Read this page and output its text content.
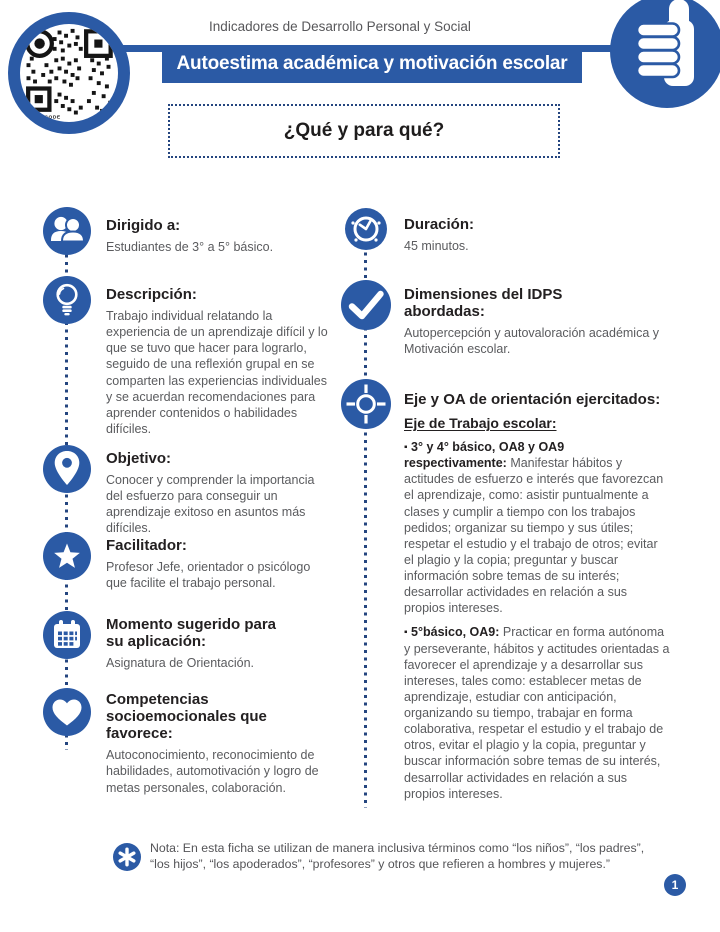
Indicadores de Desarrollo Personal y Social
Autoestima académica y motivación escolar
FLOWCODE
¿Qué y para qué?
Dirigido a:
Estudiantes de 3° a 5° básico.
Descripción:
Trabajo individual relatando la experiencia de un aprendizaje difícil y lo que se tuvo que hacer para lograrlo, seguido de una reflexión grupal en se comparten las experiencias individuales y se acuerdan recomendaciones para aprender contenidos o habilidades difíciles.
Objetivo:
Conocer y comprender la importancia del esfuerzo para conseguir un aprendizaje exitoso en asuntos más difíciles.
Facilitador:
Profesor Jefe, orientador o psicólogo que facilite el trabajo personal.
Momento sugerido para su aplicación:
Asignatura de Orientación.
Competencias socioemocionales que favorece:
Autoconocimiento, reconocimiento de habilidades, automotivación y logro de metas personales, colaboración.
Duración:
45 minutos.
Dimensiones del IDPS abordadas:
Autopercepción y autovaloración académica y Motivación escolar.
Eje y OA de orientación ejercitados:
Eje de Trabajo escolar:

▪ 3° y 4° básico, OA8 y OA9 respectivamente: Manifestar hábitos y actitudes de esfuerzo e interés que favorezcan el aprendizaje, como: asistir puntualmente a clases y cumplir a tiempo con los trabajos pedidos; organizar su tiempo y sus útiles; respetar el estudio y el trabajo de otros; evitar el plagio y la copia; preguntar y buscar información sobre temas de su interés; desarrollar actividades en relación a sus propios intereses.

▪ 5°básico, OA9: Practicar en forma autónoma y perseverante, hábitos y actitudes orientadas a favorecer el aprendizaje y a desarrollar sus intereses, tales como: establecer metas de aprendizaje, estudiar con anticipación, organizando su tiempo, trabajar en forma colaborativa, respetar el estudio y el trabajo de otros, evitar el plagio y la copia, preguntar y buscar información sobre temas de su interés, desarrollar actividades en relación a sus propios intereses.

Nota: En esta ficha se utilizan de manera inclusiva términos como “los niños”, “los padres”, “los hijos”, “los apoderados”, “profesores” y otros que refieren a hombres y mujeres.”
1
